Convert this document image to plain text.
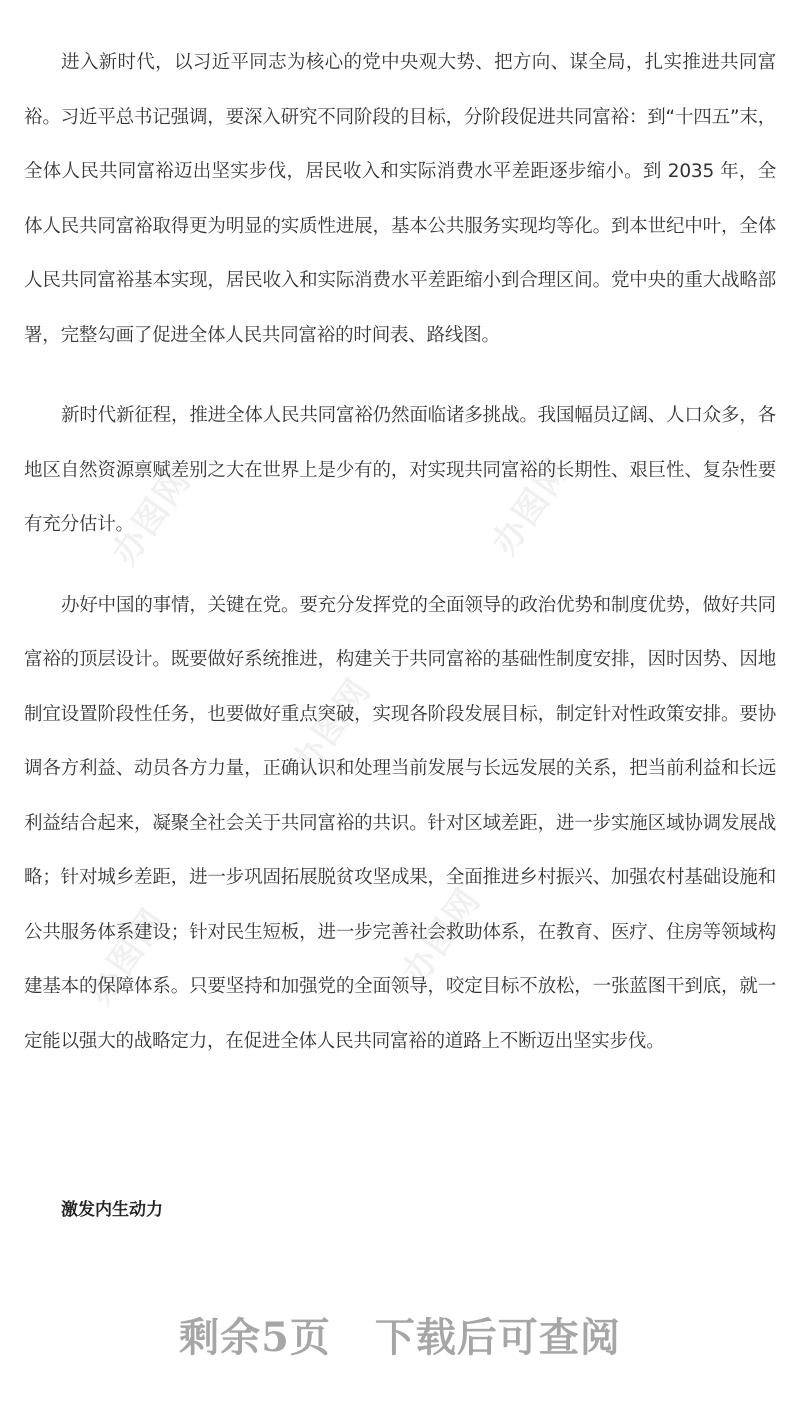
办图网	办图网
办图网
办图网	办图网

进入新时代，以习近平同志为核心的党中央观大势、把方向、谋全局，扎实推进共同富裕。习近平总书记强调，要深入研究不同阶段的目标，分阶段促进共同富裕：到“十四五”末，全体人民共同富裕迈出坚实步伐，居民收入和实际消费水平差距逐步缩小。到 2035 年，全体人民共同富裕取得更为明显的实质性进展，基本公共服务实现均等化。到本世纪中叶，全体人民共同富裕基本实现，居民收入和实际消费水平差距缩小到合理区间。党中央的重大战略部署，完整勾画了促进全体人民共同富裕的时间表、路线图。

新时代新征程，推进全体人民共同富裕仍然面临诸多挑战。我国幅员辽阔、人口众多，各地区自然资源禀赋差别之大在世界上是少有的，对实现共同富裕的长期性、艰巨性、复杂性要有充分估计。

办好中国的事情，关键在党。要充分发挥党的全面领导的政治优势和制度优势，做好共同富裕的顶层设计。既要做好系统推进，构建关于共同富裕的基础性制度安排，因时因势、因地制宜设置阶段性任务，也要做好重点突破，实现各阶段发展目标，制定针对性政策安排。要协调各方利益、动员各方力量，正确认识和处理当前发展与长远发展的关系，把当前利益和长远利益结合起来，凝聚全社会关于共同富裕的共识。针对区域差距，进一步实施区域协调发展战略；针对城乡差距，进一步巩固拓展脱贫攻坚成果，全面推进乡村振兴、加强农村基础设施和公共服务体系建设；针对民生短板，进一步完善社会救助体系，在教育、医疗、住房等领域构建基本的保障体系。只要坚持和加强党的全面领导，咬定目标不放松，一张蓝图干到底，就一定能以强大的战略定力，在促进全体人民共同富裕的道路上不断迈出坚实步伐。

激发内生动力
剩余5页 下载后可查阅
